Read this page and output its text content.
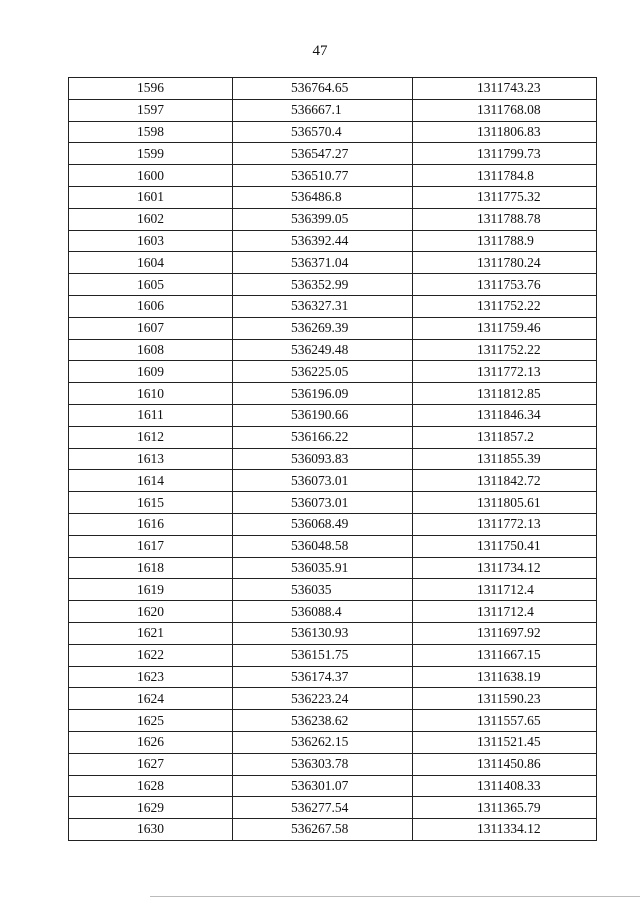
47
1596	536764.65	1311743.23
1597	536667.1	1311768.08
1598	536570.4	1311806.83
1599	536547.27	1311799.73
1600	536510.77	1311784.8
1601	536486.8	1311775.32
1602	536399.05	1311788.78
1603	536392.44	1311788.9
1604	536371.04	1311780.24
1605	536352.99	1311753.76
1606	536327.31	1311752.22
1607	536269.39	1311759.46
1608	536249.48	1311752.22
1609	536225.05	1311772.13
1610	536196.09	1311812.85
1611	536190.66	1311846.34
1612	536166.22	1311857.2
1613	536093.83	1311855.39
1614	536073.01	1311842.72
1615	536073.01	1311805.61
1616	536068.49	1311772.13
1617	536048.58	1311750.41
1618	536035.91	1311734.12
1619	536035	1311712.4
1620	536088.4	1311712.4
1621	536130.93	1311697.92
1622	536151.75	1311667.15
1623	536174.37	1311638.19
1624	536223.24	1311590.23
1625	536238.62	1311557.65
1626	536262.15	1311521.45
1627	536303.78	1311450.86
1628	536301.07	1311408.33
1629	536277.54	1311365.79
1630	536267.58	1311334.12
